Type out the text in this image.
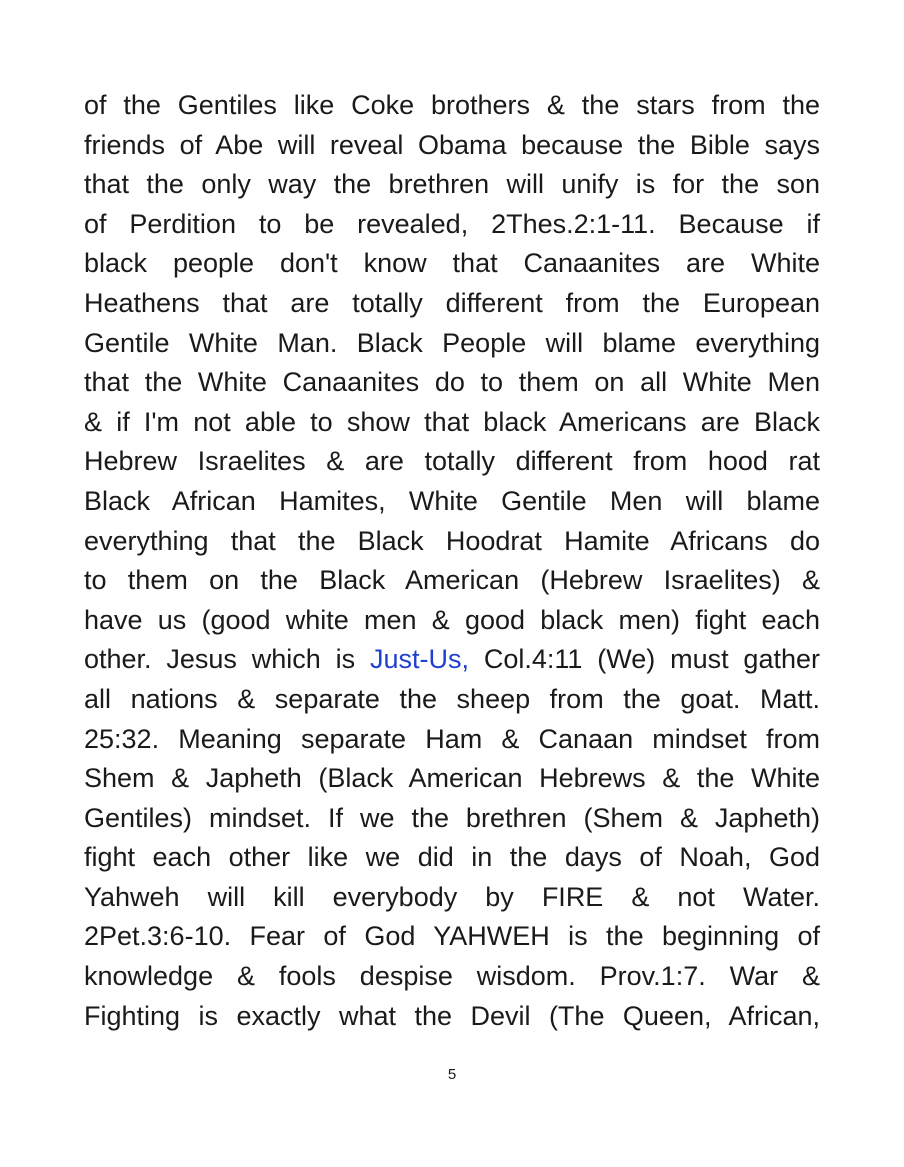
of the Gentiles like Coke brothers & the stars from the
friends of Abe will reveal Obama because the Bible says
that the only way the brethren will unify is for the son
of Perdition to be revealed, 2Thes.2:1-11. Because if
black people don't know that Canaanites are White
Heathens that are totally different from the European
Gentile White Man. Black People will blame everything
that the White Canaanites do to them on all White Men
& if I'm not able to show that black Americans are Black
Hebrew Israelites & are totally different from hood rat
Black African Hamites, White Gentile Men will blame
everything that the Black Hoodrat Hamite Africans do
to them on the Black American (Hebrew Israelites) &
have us (good white men & good black men) fight each
other. Jesus which is Just-Us, Col.4:11 (We) must gather
all nations & separate the sheep from the goat. Matt.
25:32. Meaning separate Ham & Canaan mindset from
Shem & Japheth (Black American Hebrews & the White
Gentiles) mindset. If we the brethren (Shem & Japheth)
fight each other like we did in the days of Noah, God
Yahweh will kill everybody by FIRE & not Water.
2Pet.3:6-10. Fear of God YAHWEH is the beginning of
knowledge & fools despise wisdom. Prov.1:7. War &
Fighting is exactly what the Devil (The Queen, African,
5
